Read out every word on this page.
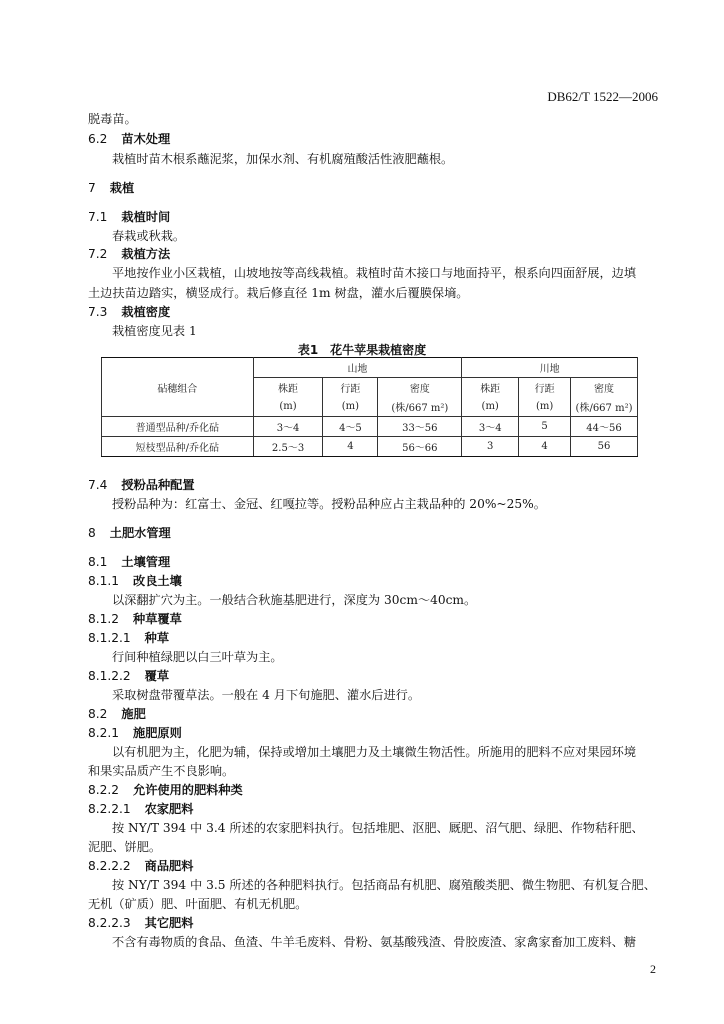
DB62/T 1522—2006
脱毒苗。
6.2 苗木处理
栽植时苗木根系蘸泥浆，加保水剂、有机腐殖酸活性液肥蘸根。
7 栽植
7.1 栽植时间
春栽或秋栽。
7.2 栽植方法
平地按作业小区栽植，山坡地按等高线栽植。栽植时苗木接口与地面持平，根系向四面舒展，边填
土边扶苗边踏实，横竖成行。栽后修直径 1m 树盘，灌水后覆膜保墒。
7.3 栽植密度
栽植密度见表 1
表1　花牛苹果栽植密度
砧穗组合	山地			川地		
	株距	行距	密度	株距	行距	密度
	(m)	(m)	(株/667 m²)	(m)	(m)	(株/667 m²)
普通型品种/乔化砧	3～4	4～5	33～56	3～4	5	44～56
短枝型品种/乔化砧	2.5～3	4	56～66	3	4	56
7.4 授粉品种配置
授粉品种为：红富士、金冠、红嘎拉等。授粉品种应占主栽品种的 20%~25%。
8 土肥水管理
8.1 土壤管理
8.1.1 改良土壤
以深翻扩穴为主。一般结合秋施基肥进行，深度为 30cm～40cm。
8.1.2 种草覆草
8.1.2.1 种草
行间种植绿肥以白三叶草为主。
8.1.2.2 覆草
采取树盘带覆草法。一般在 4 月下旬施肥、灌水后进行。
8.2 施肥
8.2.1 施肥原则
以有机肥为主，化肥为辅，保持或增加土壤肥力及土壤微生物活性。所施用的肥料不应对果园环境
和果实品质产生不良影响。
8.2.2 允许使用的肥料种类
8.2.2.1 农家肥料
按 NY/T 394 中 3.4 所述的农家肥料执行。包括堆肥、沤肥、厩肥、沼气肥、绿肥、作物秸秆肥、
泥肥、饼肥。
8.2.2.2 商品肥料
按 NY/T 394 中 3.5 所述的各种肥料执行。包括商品有机肥、腐殖酸类肥、微生物肥、有机复合肥、
无机（矿质）肥、叶面肥、有机无机肥。
8.2.2.3 其它肥料
不含有毒物质的食品、鱼渣、牛羊毛废料、骨粉、氨基酸残渣、骨胶废渣、家禽家畜加工废料、糖
2
